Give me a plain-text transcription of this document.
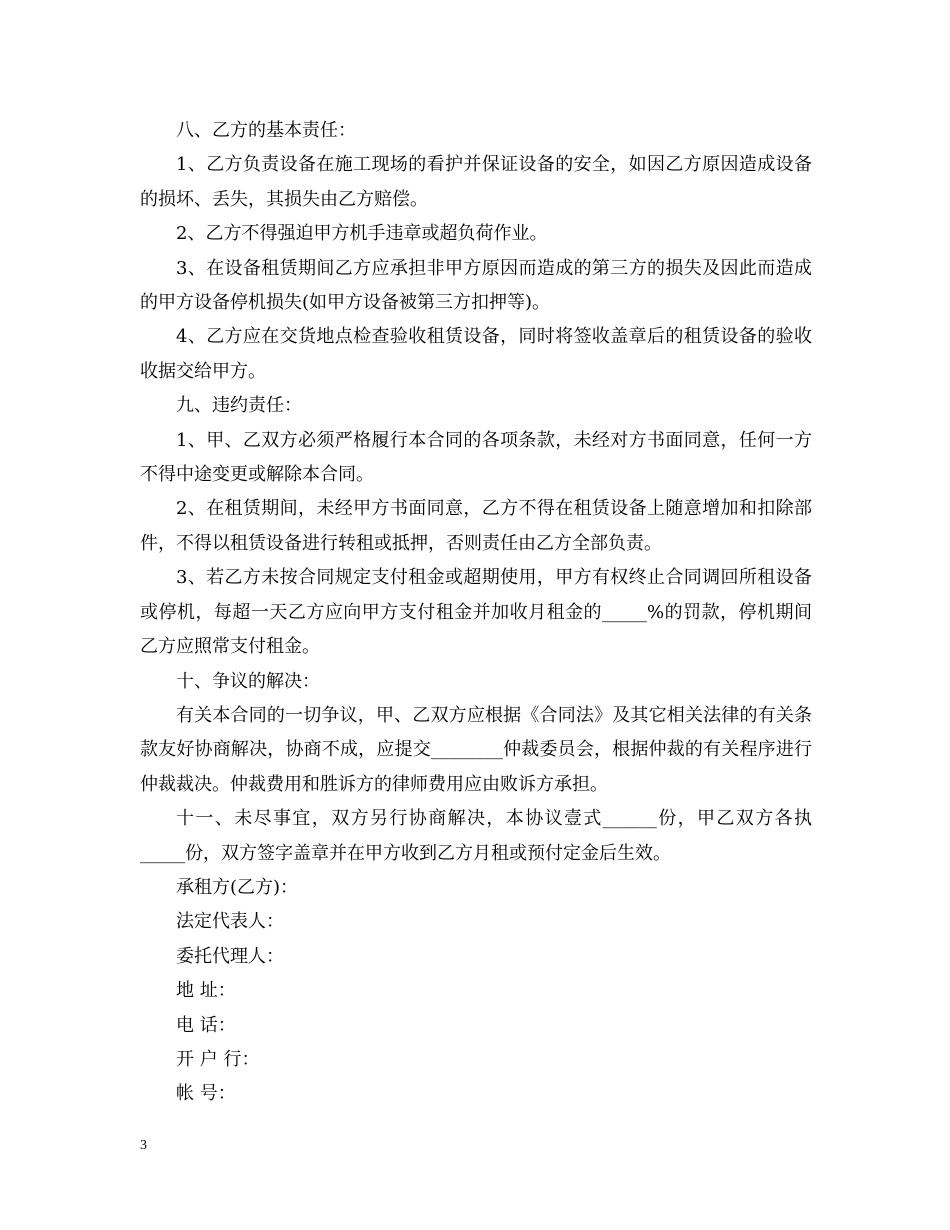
八、乙方的基本责任：

1、乙方负责设备在施工现场的看护并保证设备的安全，如因乙方原因造成设备的损坏、丢失，其损失由乙方赔偿。

2、乙方不得强迫甲方机手违章或超负荷作业。

3、在设备租赁期间乙方应承担非甲方原因而造成的第三方的损失及因此而造成的甲方设备停机损失(如甲方设备被第三方扣押等)。

4、乙方应在交货地点检查验收租赁设备，同时将签收盖章后的租赁设备的验收收据交给甲方。

九、违约责任：

1、甲、乙双方必须严格履行本合同的各项条款，未经对方书面同意，任何一方不得中途变更或解除本合同。

2、在租赁期间，未经甲方书面同意，乙方不得在租赁设备上随意增加和扣除部件，不得以租赁设备进行转租或抵押，否则责任由乙方全部负责。

3、若乙方未按合同规定支付租金或超期使用，甲方有权终止合同调回所租设备或停机，每超一天乙方应向甲方支付租金并加收月租金的_____%的罚款，停机期间乙方应照常支付租金。

十、争议的解决：

有关本合同的一切争议，甲、乙双方应根据《合同法》及其它相关法律的有关条款友好协商解决，协商不成，应提交________仲裁委员会，根据仲裁的有关程序进行仲裁裁决。仲裁费用和胜诉方的律师费用应由败诉方承担。

十一、未尽事宜，双方另行协商解决，本协议壹式______份，甲乙双方各执_____份，双方签字盖章并在甲方收到乙方月租或预付定金后生效。

承租方(乙方)：

法定代表人：

委托代理人：

地 址：

电 话：

开 户 行：

帐 号：

3
